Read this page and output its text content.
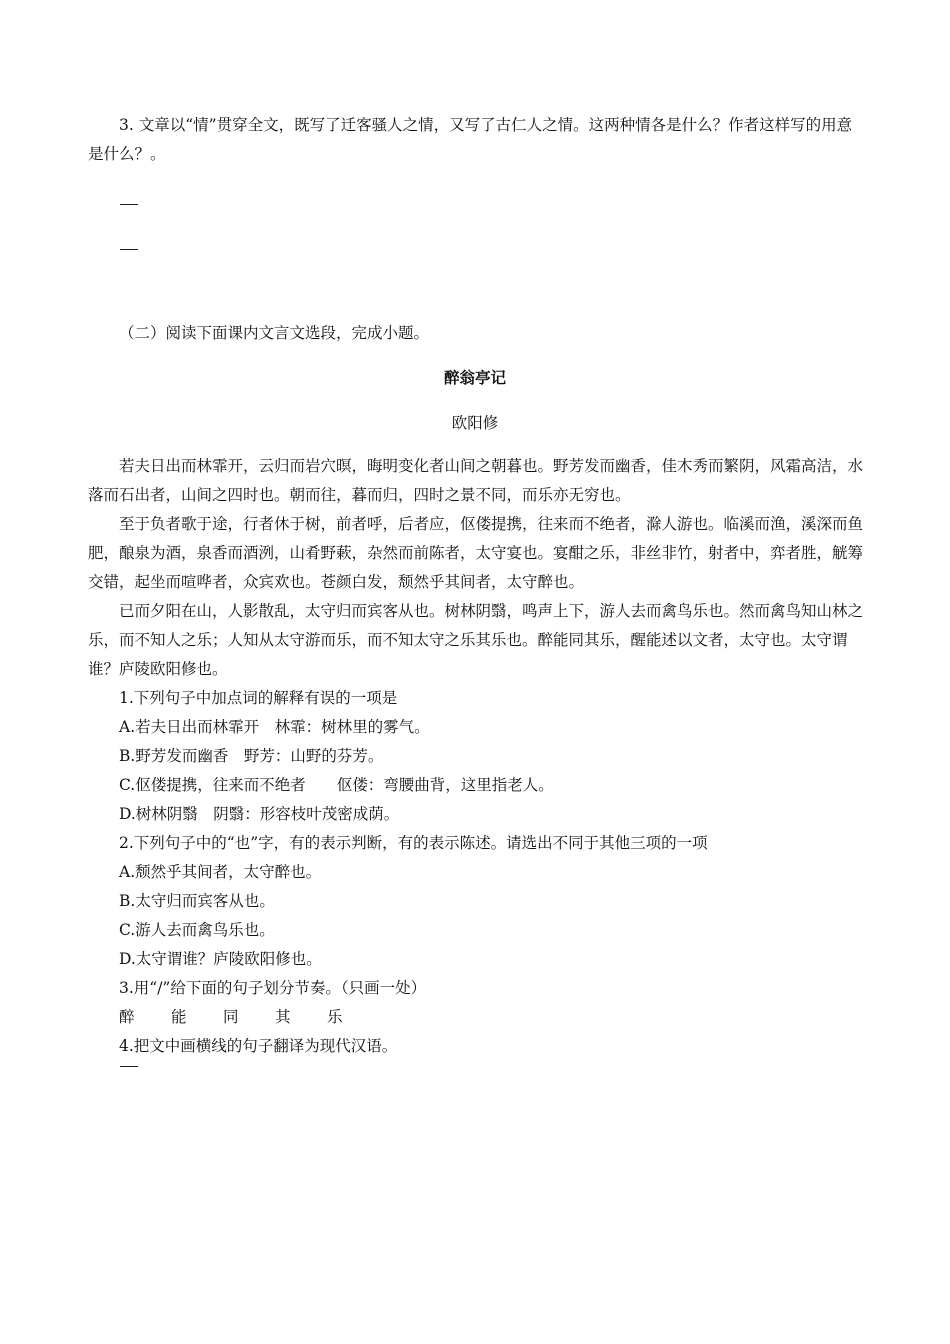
3. 文章以“情”贯穿全文，既写了迁客骚人之情，又写了古仁人之情。这两种情各是什么？作者这样写的用意是什么？。

（二）阅读下面课内文言文选段，完成小题。

醉翁亭记
欧阳修

若夫日出而林霏开，云归而岩穴暝，晦明变化者山间之朝暮也。野芳发而幽香，佳木秀而繁阴，风霜高洁，水落而石出者，山间之四时也。朝而往，暮而归，四时之景不同，而乐亦无穷也。

至于负者歌于途，行者休于树，前者呼，后者应，伛偻提携，往来而不绝者，滁人游也。临溪而渔，溪深而鱼肥，酿泉为酒，泉香而酒洌，山肴野蔌，杂然而前陈者，太守宴也。宴酣之乐，非丝非竹，射者中，弈者胜，觥筹交错，起坐而喧哗者，众宾欢也。苍颜白发，颓然乎其间者，太守醉也。

已而夕阳在山，人影散乱，太守归而宾客从也。树林阴翳，鸣声上下，游人去而禽鸟乐也。然而禽鸟知山林之乐，而不知人之乐；人知从太守游而乐，而不知太守之乐其乐也。醉能同其乐，醒能述以文者，太守也。太守谓谁？庐陵欧阳修也。

1.下列句子中加点词的解释有误的一项是

A.若夫日出而林霏开　林霏：树林里的雾气。

B.野芳发而幽香　野芳：山野的芬芳。

C.伛偻提携，往来而不绝者　　伛偻：弯腰曲背，这里指老人。

D.树林阴翳　阴翳：形容枝叶茂密成荫。

2.下列句子中的“也”字，有的表示判断，有的表示陈述。请选出不同于其他三项的一项

A.颓然乎其间者，太守醉也。

B.太守归而宾客从也。

C.游人去而禽鸟乐也。

D.太守谓谁？庐陵欧阳修也。

3.用“/”给下面的句子划分节奏。（只画一处）

醉 能 同 其 乐

4.把文中画横线的句子翻译为现代汉语。
